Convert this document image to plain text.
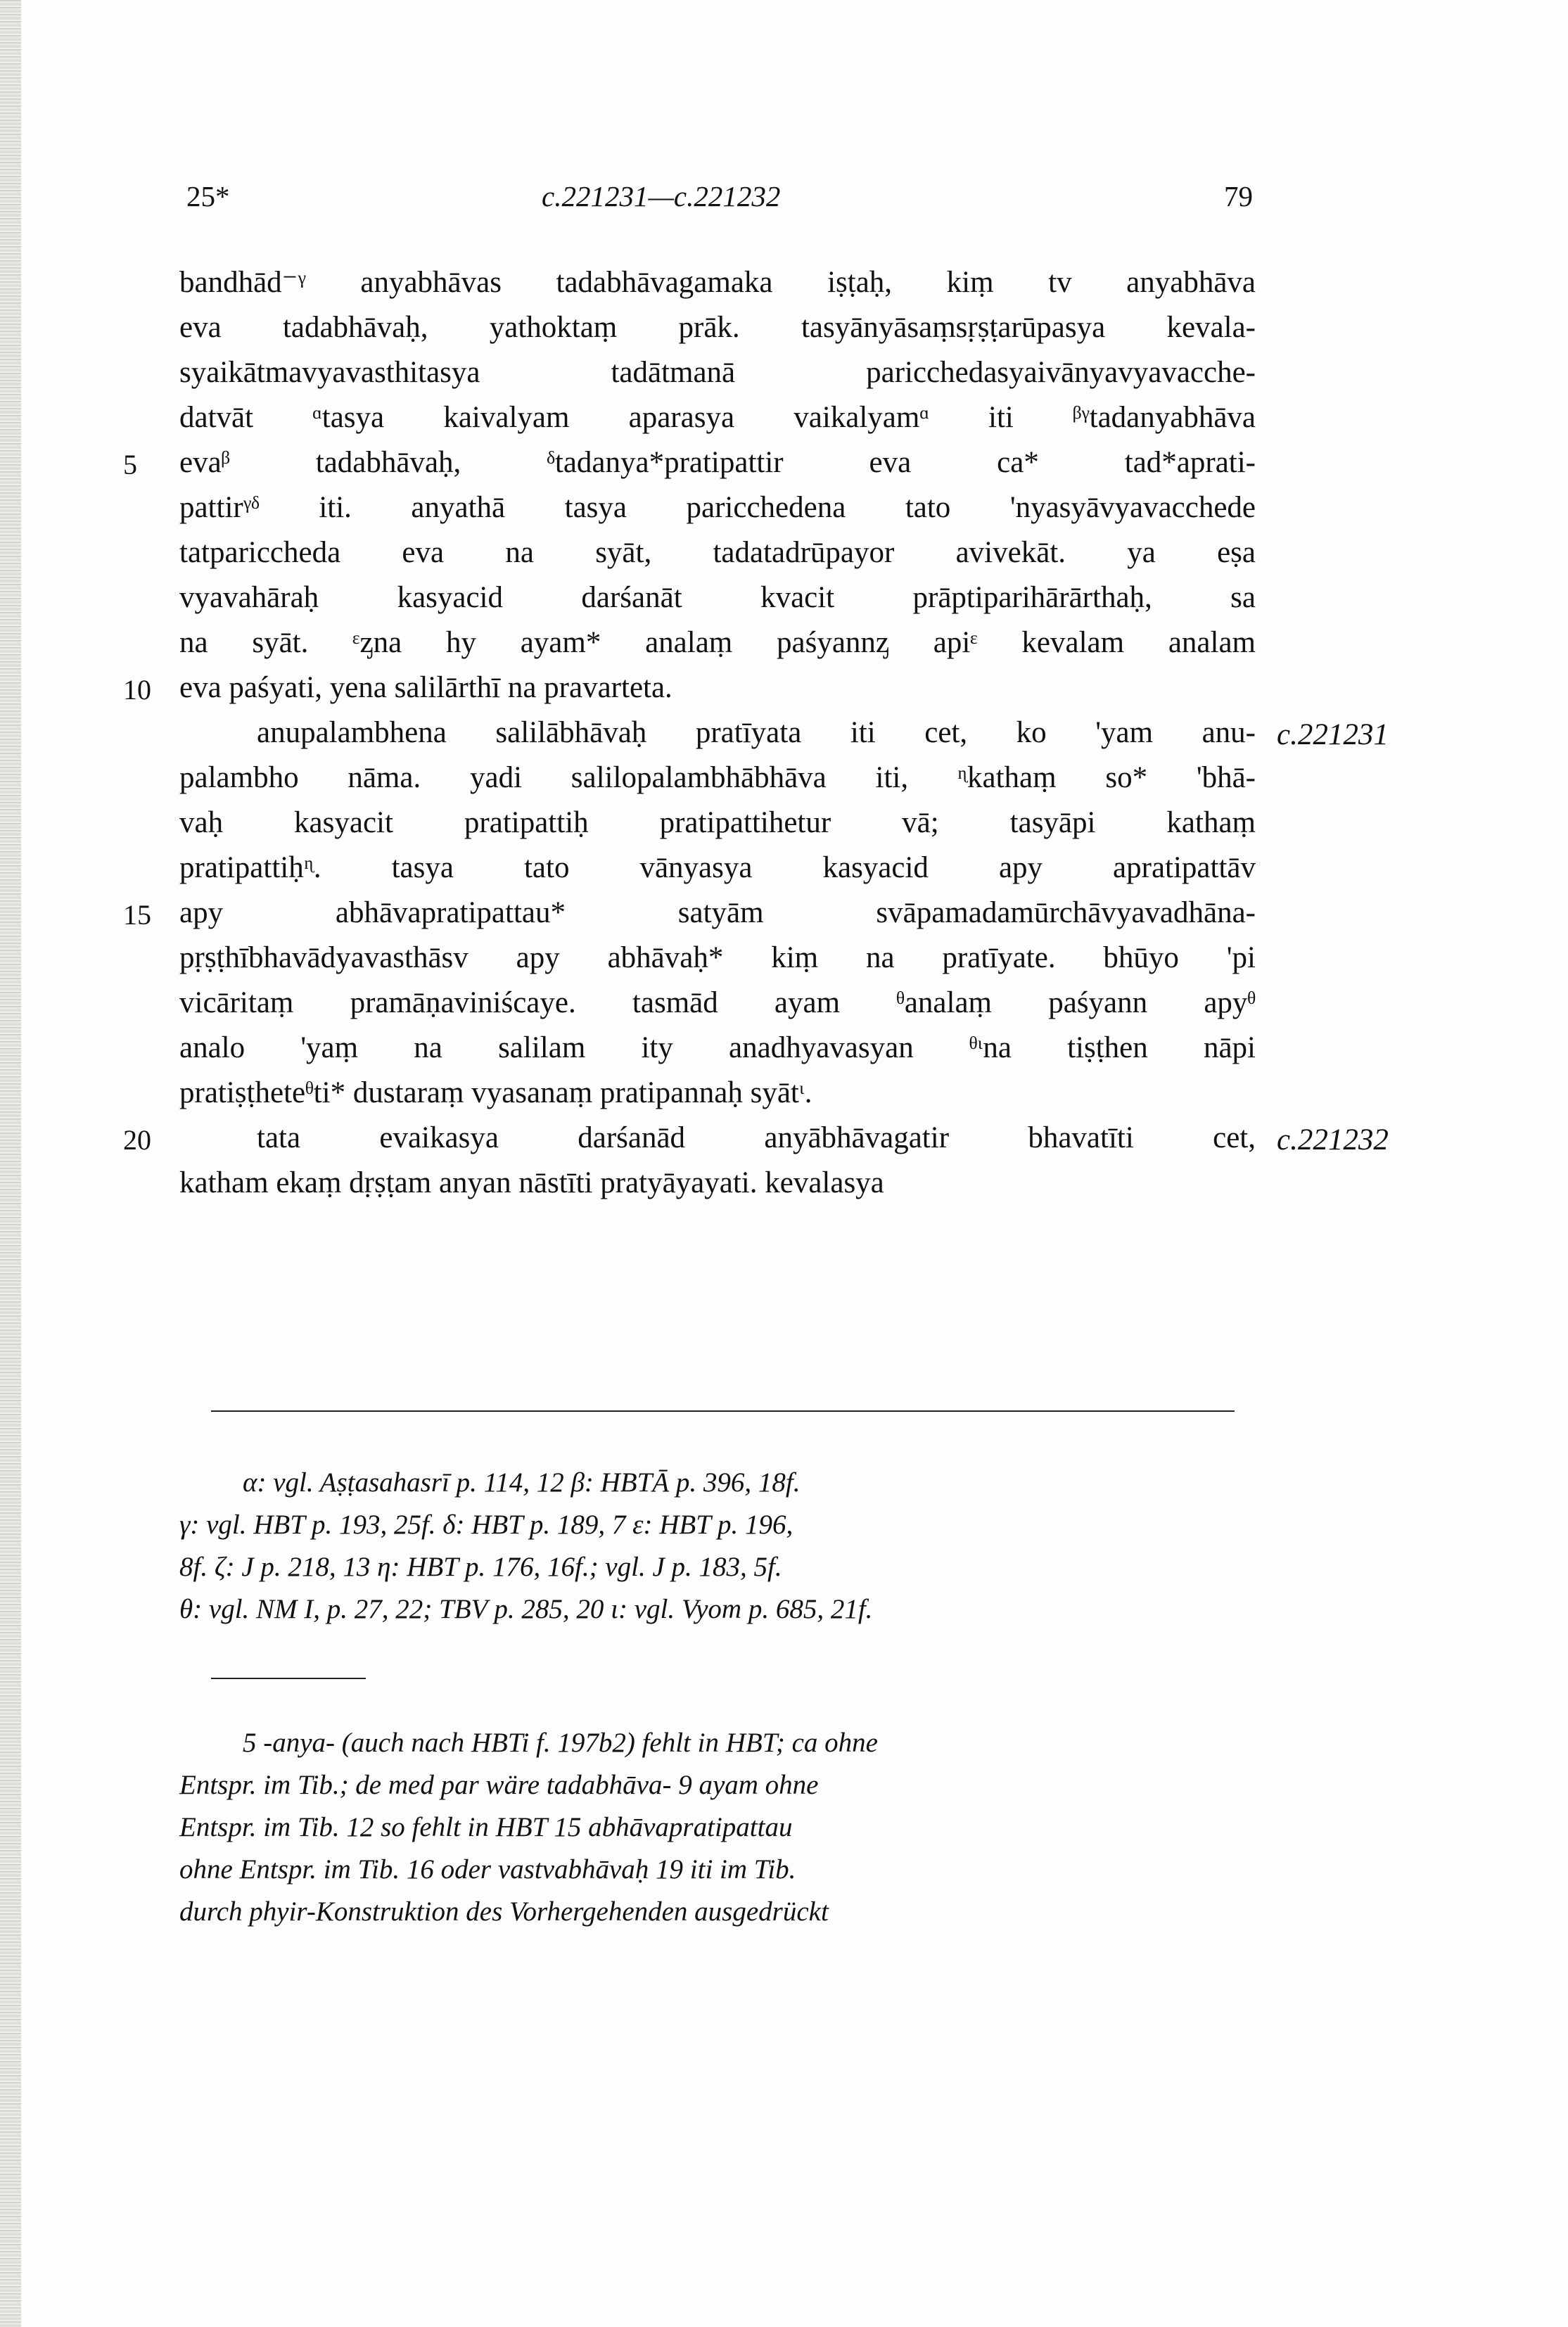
25*	c.221231—c.221232	79
bandhād⁻ᵞ anyabhāvas tadabhāvagamaka iṣṭaḥ, kiṃ tv anyabhāva
eva tadabhāvaḥ, yathoktaṃ prāk. tasyānyāsaṃsṛṣṭarūpasya kevala-
syaikātmavyavasthitasya tadātmanā paricchedasyaivānyavyavacche-
datvāt ᵅtasya kaivalyam aparasya vaikalyamᵅ iti ᵝᵞtadanyabhāva
evaᵝ tadabhāvaḥ, ᵟtadanya*pratipattir eva ca* tad*aprati-
pattirᵞᵟ iti. anyathā tasya paricchedena tato 'nyasyāvyavacchede
tatparicchedа eva na syāt, tadatadrūpayor avivekāt. ya eṣa
vyavahāraḥ kasyacid darśanāt kvacit prāptiparihārārthaḥ, sa
na syāt. ᵋᶎna hy ayam* analaṃ paśyannᶎ apiᵋ kevalam analam
eva paśyati, yena salilārthī na pravarteta.
anupalambhena salilābhāvaḥ pratīyata iti cet, ko 'yam anu-
palambho nāma. yadi salilopalambhābhāva iti, ᶯkathaṃ so* 'bhā-
vaḥ kasyacit pratipattiḥ pratipattihetur vā; tasyāpi kathaṃ
pratipattiḥᶯ. tasya tato vānyasya kasyacid apy apratipattāv
apy abhāvapratipattau* satyām svāpamadamūrchāvyavadhāna-
pṛṣṭhībhavādyavasthāsv apy abhāvaḥ* kiṃ na pratīyate. bhūyo 'pi
vicāritaṃ pramāṇaviniścaye. tasmād ayam ᶿanalaṃ paśyann apyᶿ
analo 'yaṃ na salilam ity anadhyavasyan ᶿᶥna tiṣṭhen nāpi
pratiṣṭheteᶿti* dustaraṃ vyasanaṃ pratipannaḥ syātᶥ.
tata evaikasya darśanād anyābhāvagatir bhavatīti cet,
katham ekaṃ dṛṣṭam anyan nāstīti pratyāyayati. kevalasya
5
10
15
20
c.221231
c.221232
α: vgl. Aṣṭasahasrī p. 114, 12 β: HBTĀ p. 396, 18f.
γ: vgl. HBT p. 193, 25f. δ: HBT p. 189, 7 ε: HBT p. 196,
8f. ζ: J p. 218, 13 η: HBT p. 176, 16f.; vgl. J p. 183, 5f.
θ: vgl. NM I, p. 27, 22; TBV p. 285, 20 ι: vgl. Vyom p. 685, 21f.
5 -anya- (auch nach HBTi f. 197b2) fehlt in HBT; ca ohne
Entspr. im Tib.; de med par wäre tadabhāva- 9 ayam ohne
Entspr. im Tib. 12 so fehlt in HBT 15 abhāvapratipattau
ohne Entspr. im Tib. 16 oder vastvabhāvaḥ 19 iti im Tib.
durch phyir-Konstruktion des Vorhergehenden ausgedrückt
